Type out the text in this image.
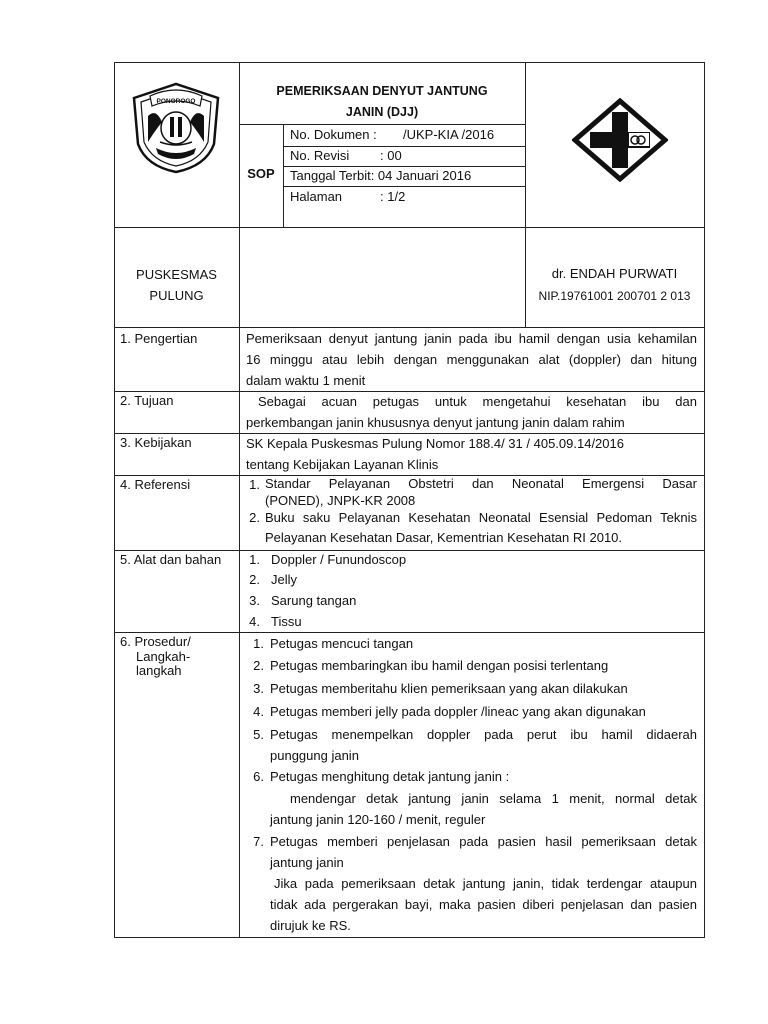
PONOROGO
PEMERIKSAAN DENYUT JANTUNG
JANIN (DJJ)
SOP
No. Dokumen : /UKP-KIA /2016
No. Revisi : 00
Tanggal Terbit: 04 Januari 2016
Halaman	: 1/2
PUSKESMAS
PULUNG
dr. ENDAH PURWATI
NIP.19761001 200701 2 013
1. Pengertian	Pemeriksaan denyut jantung janin pada ibu hamil dengan usia kehamilan
16 minggu atau lebih dengan menggunakan alat (doppler) dan hitung
dalam waktu 1 menit
2. Tujuan	Sebagai acuan petugas untuk mengetahui kesehatan ibu dan
perkembangan janin khususnya denyut jantung janin dalam rahim
3. Kebijakan	SK Kepala Puskesmas Pulung Nomor 188.4/ 31 / 405.09.14/2016
tentang Kebijakan Layanan Klinis
4. Referensi	1. Standar Pelayanan Obstetri dan Neonatal Emergensi Dasar
(PONED), JNPK-KR 2008
2. Buku saku Pelayanan Kesehatan Neonatal Esensial Pedoman Teknis
Pelayanan Kesehatan Dasar, Kementrian Kesehatan RI 2010.
5. Alat dan bahan	1. Doppler / Funundoscop
2. Jelly
3. Sarung tangan
4. Tissu
6. Prosedur/
Langkah-
langkah
1. Petugas mencuci tangan
2. Petugas membaringkan ibu hamil dengan posisi terlentang
3. Petugas memberitahu klien pemeriksaan yang akan dilakukan
4. Petugas memberi jelly pada doppler /lineac yang akan digunakan
5. Petugas menempelkan doppler pada perut ibu hamil didaerah
punggung janin
6. Petugas menghitung detak jantung janin :
mendengar detak jantung janin selama 1 menit, normal detak
jantung janin 120-160 / menit, reguler
7. Petugas memberi penjelasan pada pasien hasil pemeriksaan detak
jantung janin
Jika pada pemeriksaan detak jantung janin, tidak terdengar ataupun
tidak ada pergerakan bayi, maka pasien diberi penjelasan dan pasien
dirujuk ke RS.
